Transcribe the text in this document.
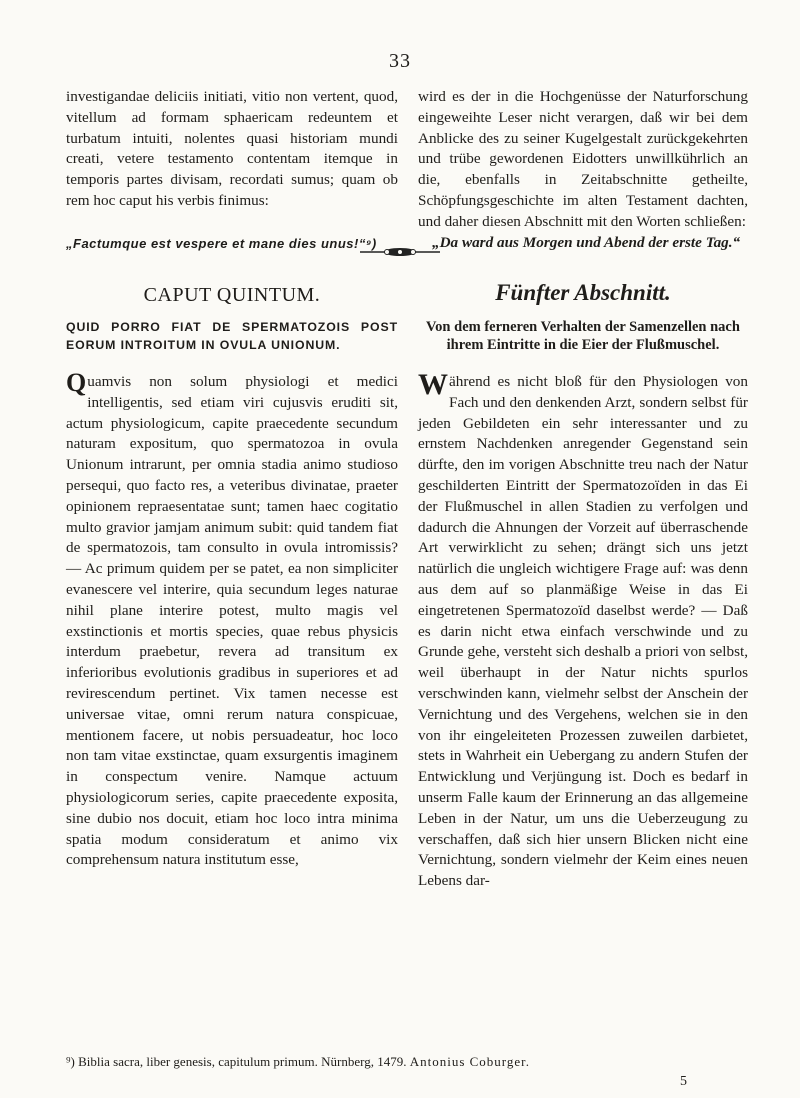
33

investigandae deliciis initiati, vitio non vertent, quod, vitellum ad formam sphaericam redeuntem et turbatum intuiti, nolentes quasi historiam mundi creati, vetere testamento contentam itemque in temporis partes divisam, recordati sumus; quam ob rem hoc caput his verbis finimus:

„Factumque est vespere et mane dies unus!“⁹)

wird es der in die Hochgenüsse der Naturforschung eingeweihte Leser nicht verargen, daß wir bei dem Anblicke des zu seiner Kugelgestalt zurückgekehrten und trübe gewordenen Eidotters unwillkührlich an die, ebenfalls in Zeitabschnitte getheilte, Schöpfungsgeschichte im alten Testament dachten, und daher diesen Abschnitt mit den Worten schließen:

„Da ward aus Morgen und Abend der erste Tag.“

CAPUT QUINTUM.	Fünfter Abschnitt.
QUID PORRO FIAT DE SPERMATOZOIS POST EORUM INTROITUM IN OVULA UNIONUM.
Von dem ferneren Verhalten der Samenzellen nach ihrem Eintritte in die Eier der Flußmuschel.

Quamvis non solum physiologi et medici intelligentis, sed etiam viri cujusvis eruditi sit, actum physiologicum, capite praecedente secundum naturam expositum, quo spermatozoa in ovula Unionum intrarunt, per omnia stadia animo studioso persequi, quo facto res, a veteribus divinatae, praeter opinionem repraesentatae sunt; tamen haec cogitatio multo gravior jamjam animum subit: quid tandem fiat de spermatozois, tam consulto in ovula intromissis? — Ac primum quidem per se patet, ea non simpliciter evanescere vel interire, quia secundum leges naturae nihil plane interire potest, multo magis vel exstinctionis et mortis species, quae rebus physicis interdum praebetur, revera ad transitum ex inferioribus evolutionis gradibus in superiores et ad revirescendum pertinet. Vix tamen necesse est universae vitae, omni rerum natura conspicuae, mentionem facere, ut nobis persuadeatur, hoc loco non tam vitae exstinctae, quam exsurgentis imaginem in conspectum venire. Namque actuum physiologicorum series, capite praecedente exposita, sine dubio nos docuit, etiam hoc loco intra minima spatia modum consideratum et animo vix comprehensum natura institutum esse,

Während es nicht bloß für den Physiologen von Fach und den denkenden Arzt, sondern selbst für jeden Gebildeten ein sehr interessanter und zu ernstem Nachdenken anregender Gegenstand sein dürfte, den im vorigen Abschnitte treu nach der Natur geschilderten Eintritt der Spermatozoïden in das Ei der Flußmuschel in allen Stadien zu verfolgen und dadurch die Ahnungen der Vorzeit auf überraschende Art verwirklicht zu sehen; drängt sich uns jetzt natürlich die ungleich wichtigere Frage auf: was denn aus dem auf so planmäßige Weise in das Ei eingetretenen Spermatozoïd daselbst werde? — Daß es darin nicht etwa einfach verschwinde und zu Grunde gehe, versteht sich deshalb a priori von selbst, weil überhaupt in der Natur nichts spurlos verschwinden kann, vielmehr selbst der Anschein der Vernichtung und des Vergehens, welchen sie in den von ihr eingeleiteten Prozessen zuweilen darbietet, stets in Wahrheit ein Uebergang zu andern Stufen der Entwicklung und Verjüngung ist. Doch es bedarf in unserm Falle kaum der Erinnerung an das allgemeine Leben in der Natur, um uns die Ueberzeugung zu verschaffen, daß sich hier unsern Blicken nicht eine Vernichtung, sondern vielmehr der Keim eines neuen Lebens dar-

⁹) Biblia sacra, liber genesis, capitulum primum. Nürnberg, 1479. Antonius Coburger.
5
